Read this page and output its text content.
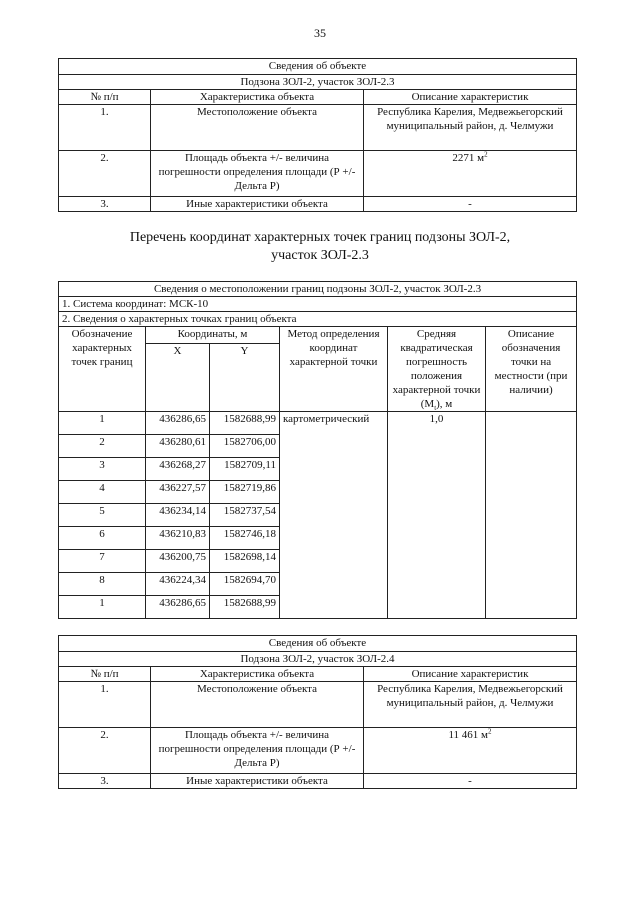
35
Сведения об объекте		
Подзона ЗОЛ-2, участок ЗОЛ-2.3		
№ п/п	Характеристика объекта	Описание характеристик
1.	Местоположение объекта	Республика Карелия, Медвежьегорский муниципальный район, д. Челмужи
2.	Площадь объекта +/- величина погрешности определения площади (Р +/- Дельта Р)	2271 $м^2$
3.	Иные характеристики объекта	-
Перечень координат характерных точек границ подзоны ЗОЛ-2,
участок ЗОЛ-2.3
Сведения о местоположении границ подзоны ЗОЛ-2, участок ЗОЛ-2.3					
1. Система координат: МСК-10					
2. Сведения о характерных точках границ объекта					
Обозначение характерных точек границ	Координаты, м		Метод определения координат характерной точки	Средняя квадратическая погрешность положения характерной точки $(M_t)$, м	Описание обозначения точки на местности (при наличии)
	X	Y			
1	436286,65	1582688,99	картометрический	1,0	
2	436280,61	1582706,00			
3	436268,27	1582709,11			
4	436227,57	1582719,86			
5	436234,14	1582737,54			
6	436210,83	1582746,18			
7	436200,75	1582698,14			
8	436224,34	1582694,70			
1	436286,65	1582688,99			
Сведения об объекте		
Подзона ЗОЛ-2, участок ЗОЛ-2.4		
№ п/п	Характеристика объекта	Описание характеристик
1.	Местоположение объекта	Республика Карелия, Медвежьегорский муниципальный район, д. Челмужи
2.	Площадь объекта +/- величина погрешности определения площади (Р +/- Дельта Р)	11 461 $м^2$
3.	Иные характеристики объекта	-
